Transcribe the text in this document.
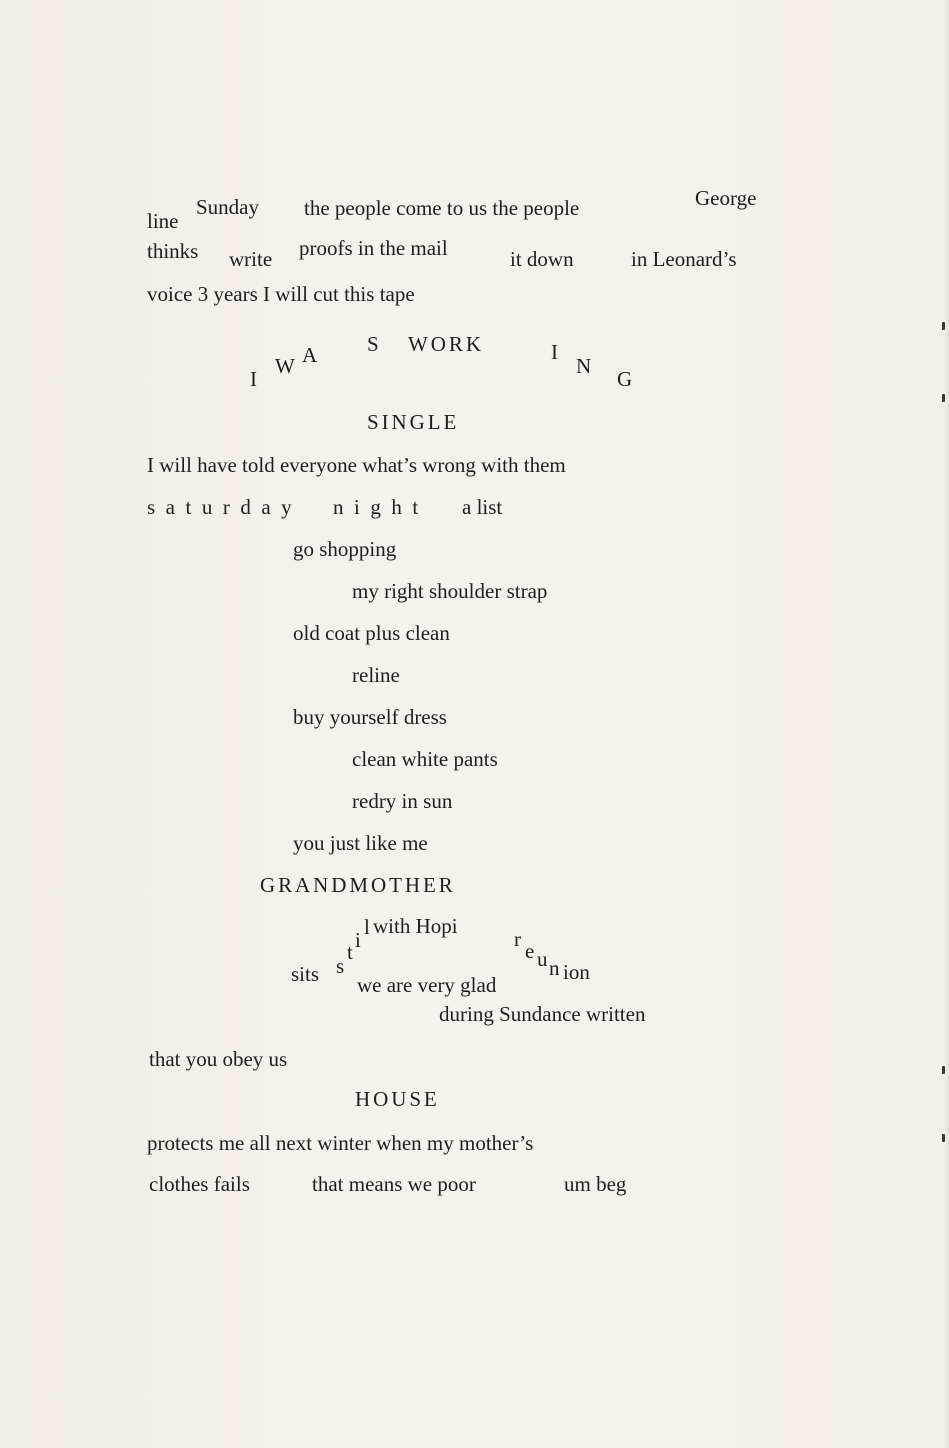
line
Sunday the people come to us the people	George
thinks write proofs in the mail	it down	in Leonard’s
voice 3 years I will cut this tape
I
W A S WORK	I
N
G
SINGLE
I will have told everyone what’s wrong with them
saturday night a list
go shopping
my right shoulder strap
old coat plus clean
reline
buy yourself dress
clean white pants
redry in sun
you just like me
GRANDMOTHER
sits s
t i
l with Hopi
r e u n ion
we are very glad
during Sundance written
that you obey us
HOUSE
protects me all next winter when my mother’s
clothes fails	that means we poor	um beg
